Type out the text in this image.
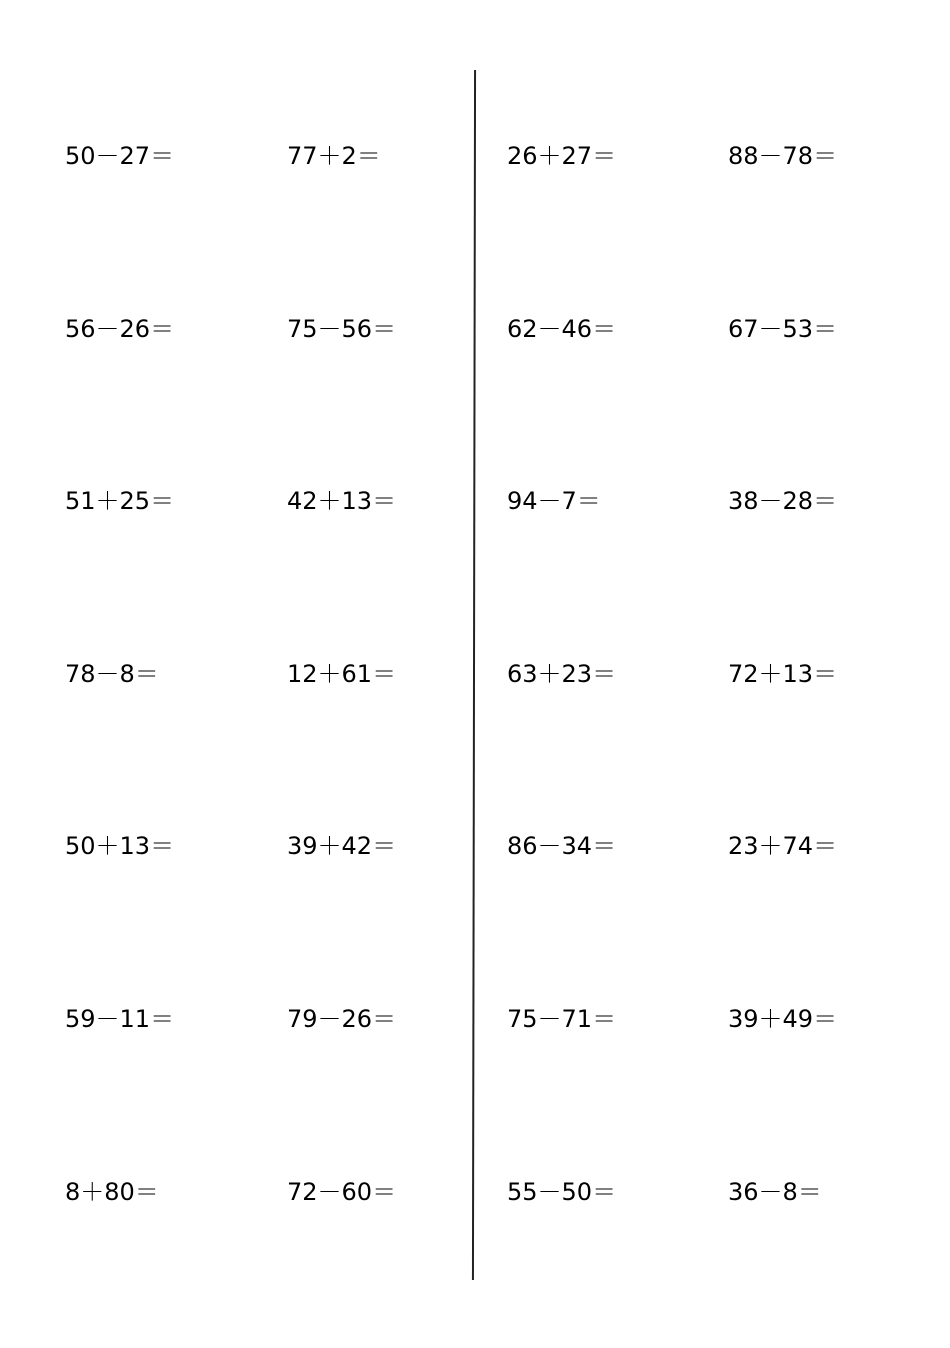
50－27＝	77＋2＝	26＋27＝	88－78＝
56－26＝	75－56＝	62－46＝	67－53＝
51＋25＝	42＋13＝	94－7＝	38－28＝
78－8＝	12＋61＝	63＋23＝	72＋13＝
50＋13＝	39＋42＝	86－34＝	23＋74＝
59－11＝	79－26＝	75－71＝	39＋49＝
8＋80＝	72－60＝	55－50＝	36－8＝
